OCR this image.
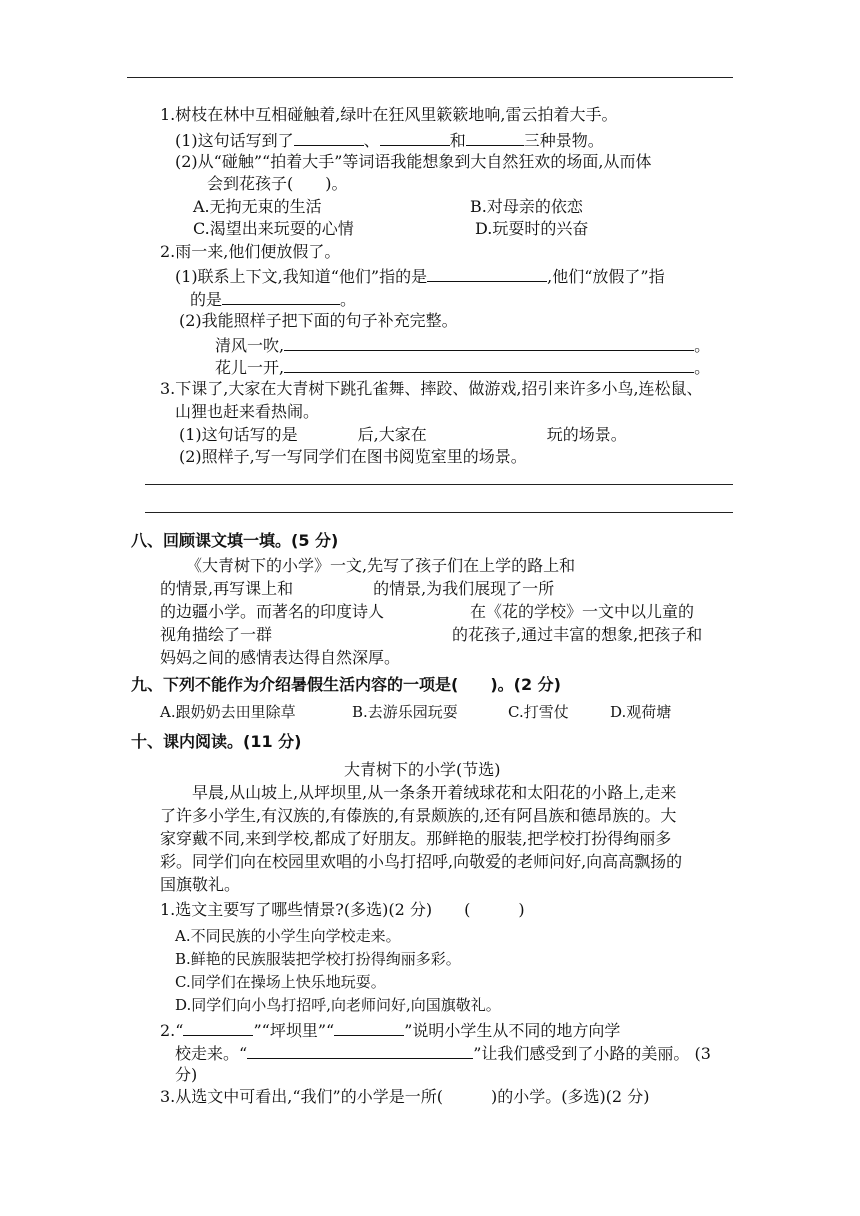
1.树枝在林中互相碰触着,绿叶在狂风里簌簌地响,雷云拍着大手。
(1)这句话写到了	、	和	三种景物。
(2)从“碰触”“拍着大手”等词语我能想象到大自然狂欢的场面,从而体
会到花孩子(　　)。
A.无拘无束的生活	B.对母亲的依恋
C.渴望出来玩耍的心情	D.玩耍时的兴奋
2.雨一来,他们便放假了。
(1)联系上下文,我知道“他们”指的是	,他们“放假了”指
的是	。
(2)我能照样子把下面的句子补充完整。
清风一吹,	。
花儿一开,	。
3.下课了,大家在大青树下跳孔雀舞、摔跤、做游戏,招引来许多小鸟,连松鼠、
山狸也赶来看热闹。
(1)这句话写的是	后,大家在	玩的场景。
(2)照样子,写一写同学们在图书阅览室里的场景。
八、回顾课文填一填。(5 分)
《大青树下的小学》一文,先写了孩子们在上学的路上和
的情景,再写课上和	的情景,为我们展现了一所
的边疆小学。而著名的印度诗人	在《花的学校》一文中以儿童的
视角描绘了一群	的花孩子,通过丰富的想象,把孩子和
妈妈之间的感情表达得自然深厚。
九、下列不能作为介绍暑假生活内容的一项是(　　)。(2 分)
A.跟奶奶去田里除草	B.去游乐园玩耍	C.打雪仗	D.观荷塘
十、课内阅读。(11 分)
大青树下的小学(节选)
早晨,从山坡上,从坪坝里,从一条条开着绒球花和太阳花的小路上,走来
了许多小学生,有汉族的,有傣族的,有景颇族的,还有阿昌族和德昂族的。大
家穿戴不同,来到学校,都成了好朋友。那鲜艳的服装,把学校打扮得绚丽多
彩。同学们向在校园里欢唱的小鸟打招呼,向敬爱的老师问好,向高高飘扬的
国旗敬礼。
1.选文主要写了哪些情景?(多选)(2 分)　　(　　　)
A.不同民族的小学生向学校走来。
B.鲜艳的民族服装把学校打扮得绚丽多彩。
C.同学们在操场上快乐地玩耍。
D.同学们向小鸟打招呼,向老师问好,向国旗敬礼。
2.“	”“坪坝里”“	”说明小学生从不同的地方向学
校走来。“	”让我们感受到了小路的美丽。 (3
分)
3.从选文中可看出,“我们”的小学是一所(　　　)的小学。(多选)(2 分)
